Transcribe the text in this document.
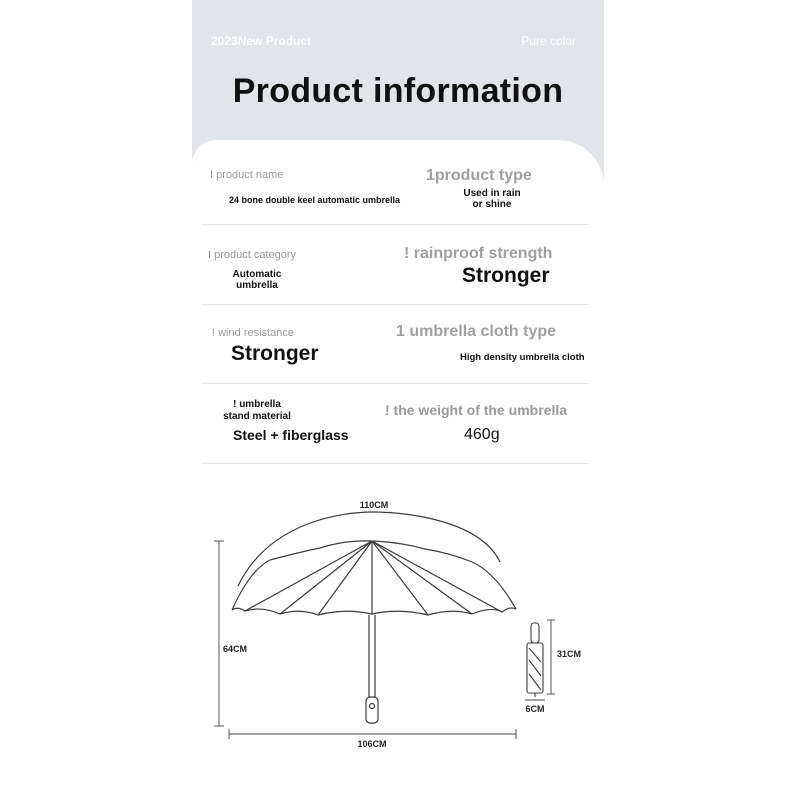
2023New Product	Pure color
Product information
I product name
24 bone double keel automatic umbrella
1product type
Used in rain
or shine
I product category
Automatic
umbrella
! rainproof strength
Stronger
! wind resistance
Stronger
1 umbrella cloth type
High density umbrella cloth
! umbrella
stand material
Steel + fiberglass
! the weight of the umbrella
460g
110CM
64CM
106CM
31CM
6CM
